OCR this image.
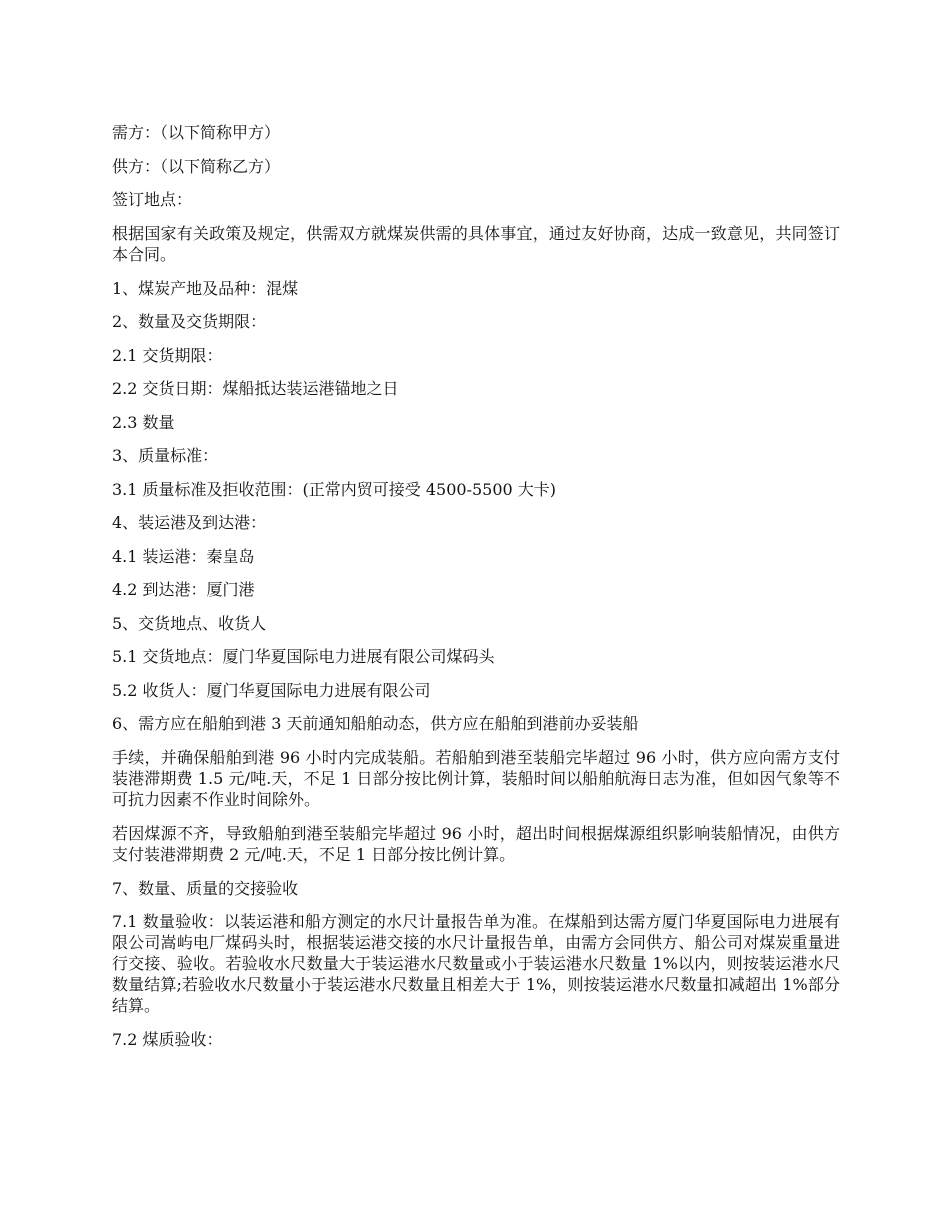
需方：（以下简称甲方）

供方：（以下简称乙方）

签订地点：

根据国家有关政策及规定，供需双方就煤炭供需的具体事宜，通过友好协商，达成一致意见，共同签订本合同。

1、煤炭产地及品种：混煤

2、数量及交货期限：

2.1 交货期限：

2.2 交货日期：煤船抵达装运港锚地之日

2.3 数量

3、质量标准：

3.1 质量标准及拒收范围：(正常内贸可接受 4500-5500 大卡)

4、装运港及到达港：

4.1 装运港：秦皇岛

4.2 到达港：厦门港

5、交货地点、收货人

5.1 交货地点：厦门华夏国际电力进展有限公司煤码头

5.2 收货人：厦门华夏国际电力进展有限公司

6、需方应在船舶到港 3 天前通知船舶动态，供方应在船舶到港前办妥装船

手续，并确保船舶到港 96 小时内完成装船。若船舶到港至装船完毕超过 96 小时，供方应向需方支付装港滞期费 1.5 元/吨.天，不足 1 日部分按比例计算，装船时间以船舶航海日志为准，但如因气象等不可抗力因素不作业时间除外。

若因煤源不齐，导致船舶到港至装船完毕超过 96 小时，超出时间根据煤源组织影响装船情况，由供方支付装港滞期费 2 元/吨.天，不足 1 日部分按比例计算。

7、数量、质量的交接验收

7.1 数量验收：以装运港和船方测定的水尺计量报告单为准。在煤船到达需方厦门华夏国际电力进展有限公司嵩屿电厂煤码头时，根据装运港交接的水尺计量报告单，由需方会同供方、船公司对煤炭重量进行交接、验收。若验收水尺数量大于装运港水尺数量或小于装运港水尺数量 1%以内，则按装运港水尺数量结算;若验收水尺数量小于装运港水尺数量且相差大于 1%，则按装运港水尺数量扣减超出 1%部分结算。

7.2 煤质验收：
